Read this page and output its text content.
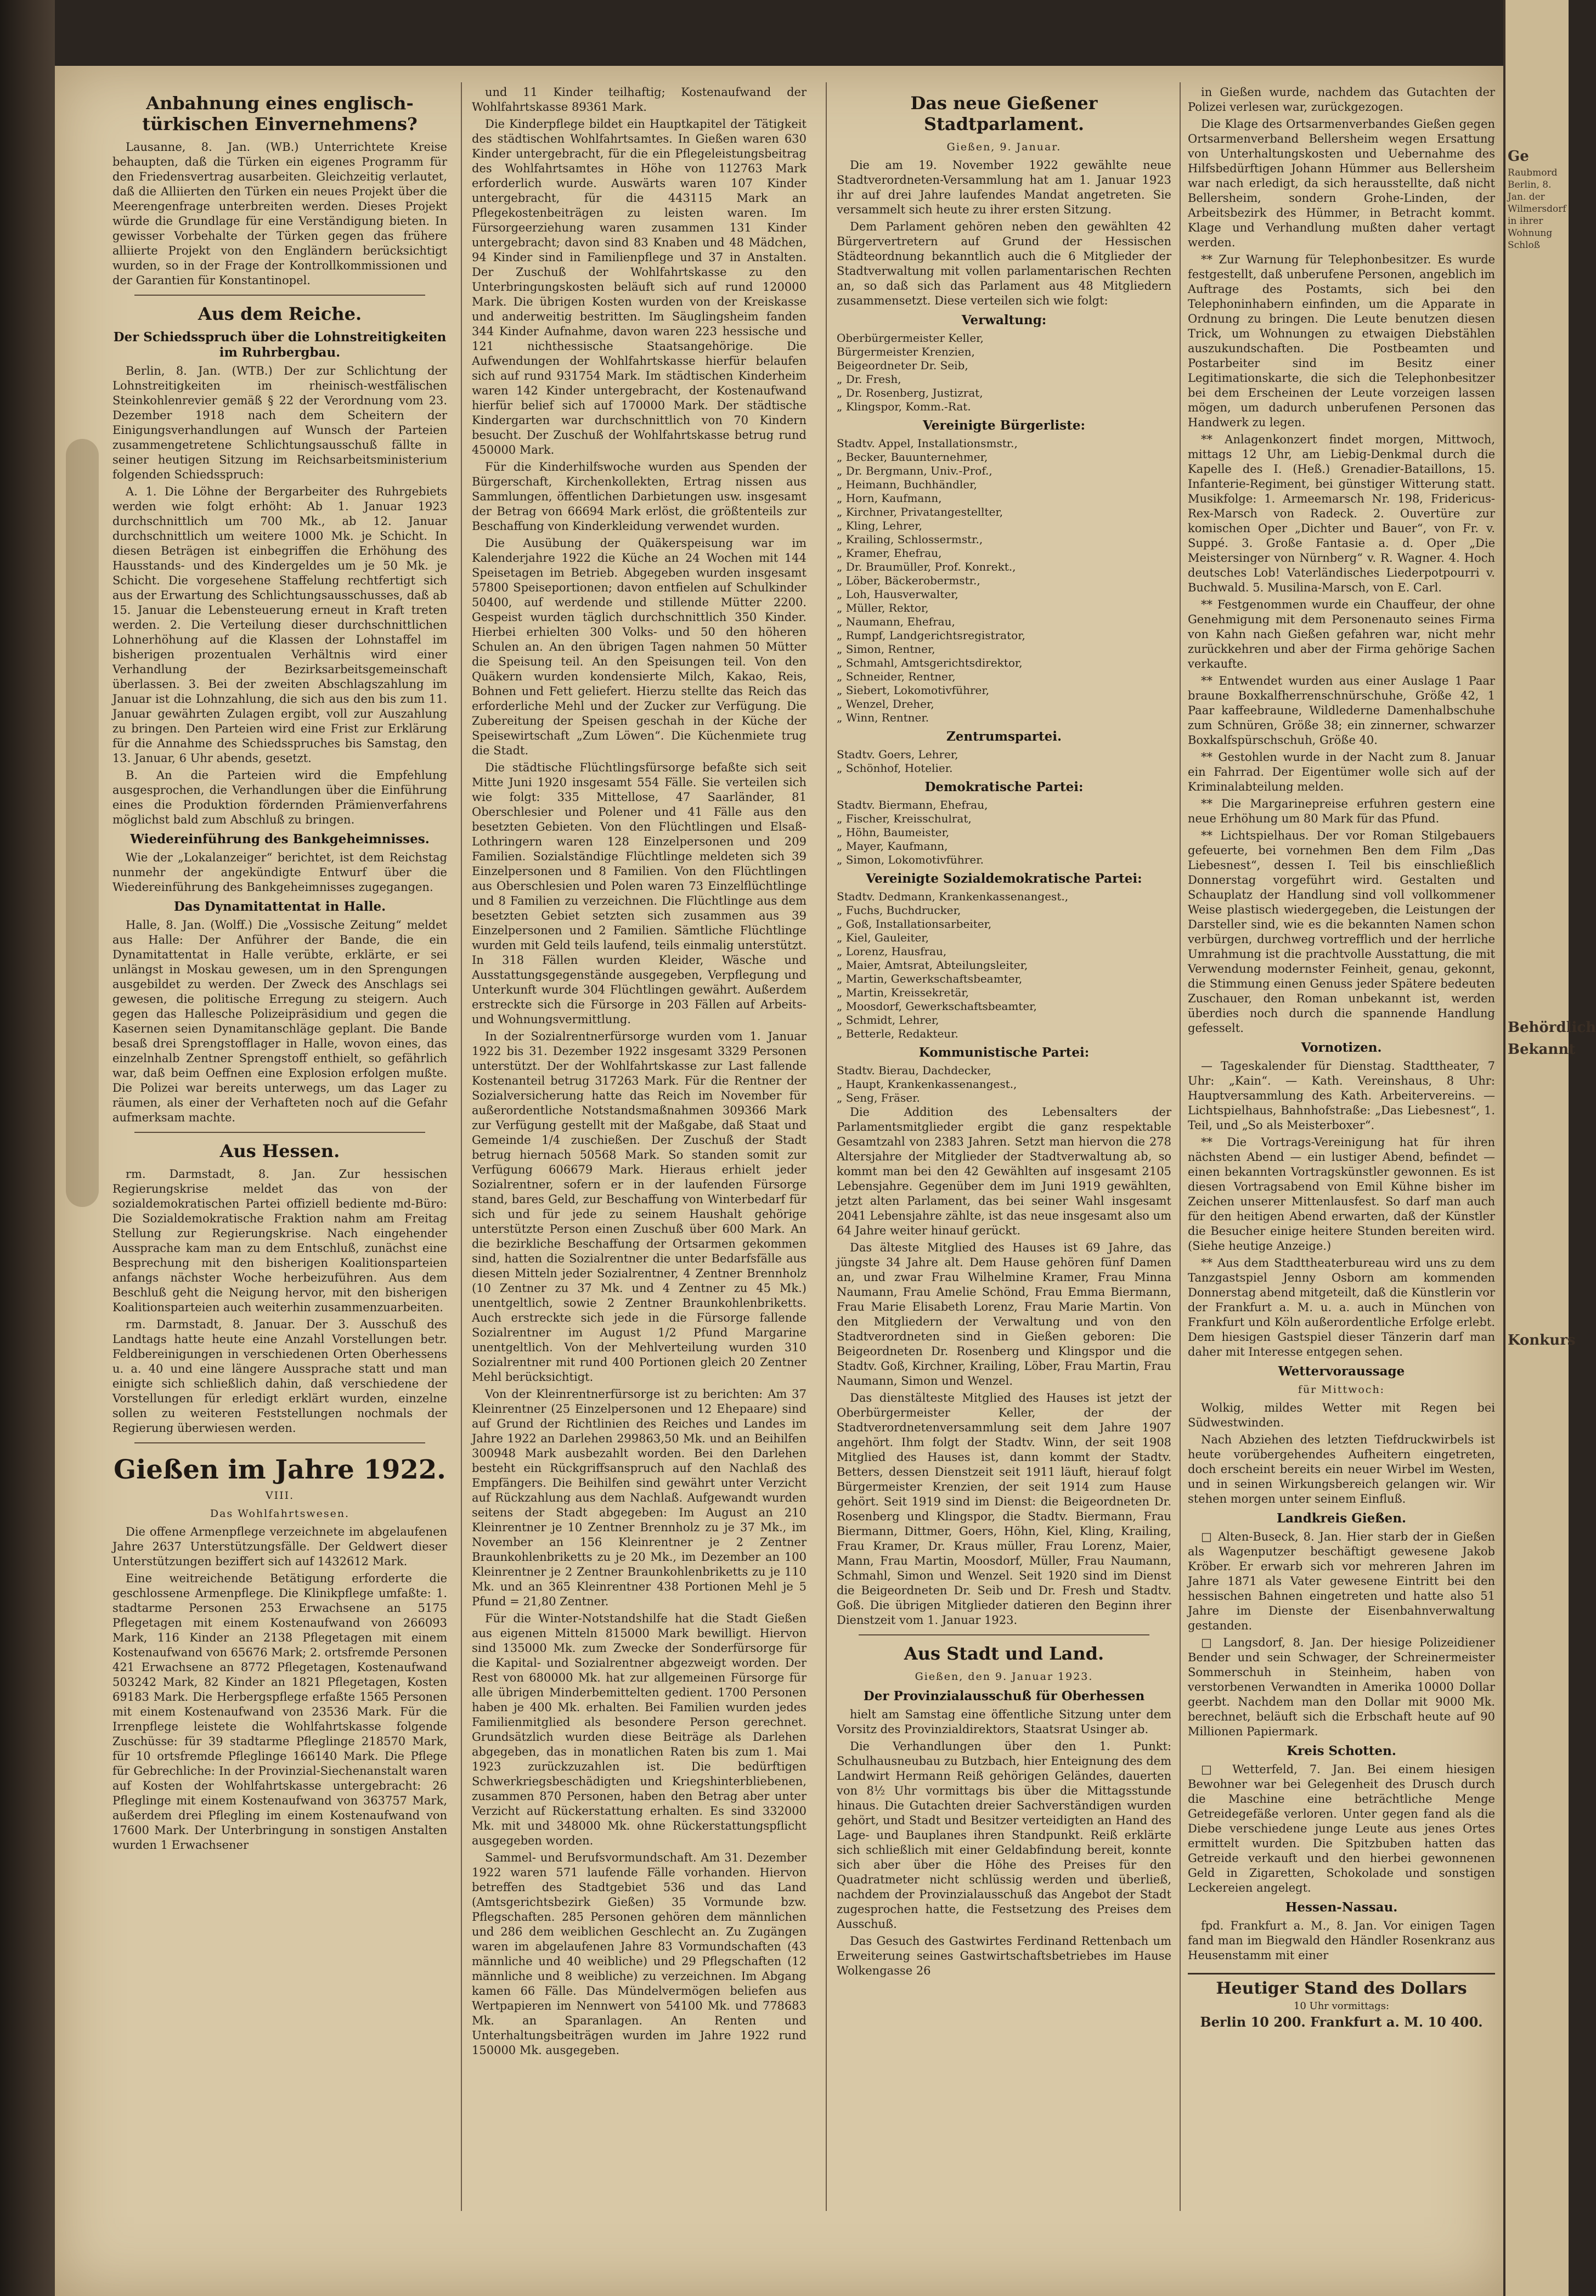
Anbahnung eines englisch-türkischen Einvernehmens?

Lausanne, 8. Jan. (WB.) Unterrichtete Kreise behaupten, daß die Türken ein eigenes Programm für den Friedensvertrag ausarbeiten. Gleichzeitig verlautet, daß die Alliierten den Türken ein neues Projekt über die Meerengenfrage unterbreiten werden. Dieses Projekt würde die Grundlage für eine Verständigung bieten. In gewisser Vorbehalte der Türken gegen das frühere alliierte Projekt von den Engländern berücksichtigt wurden, so in der Frage der Kontrollkommissionen und der Garantien für Konstantinopel.

Aus dem Reiche.
Der Schiedsspruch über die Lohnstreitigkeiten im Ruhrbergbau.

Berlin, 8. Jan. (WTB.) Der zur Schlichtung der Lohnstreitigkeiten im rheinisch-westfälischen Steinkohlenrevier gemäß § 22 der Verordnung vom 23. Dezember 1918 nach dem Scheitern der Einigungsverhandlungen auf Wunsch der Parteien zusammengetretene Schlichtungsausschuß fällte in seiner heutigen Sitzung im Reichsarbeitsministerium folgenden Schiedsspruch:

A. 1. Die Löhne der Bergarbeiter des Ruhrgebiets werden wie folgt erhöht: Ab 1. Januar 1923 durchschnittlich um 700 Mk., ab 12. Januar durchschnittlich um weitere 1000 Mk. je Schicht. In diesen Beträgen ist einbegriffen die Erhöhung des Hausstands- und des Kindergeldes um je 50 Mk. je Schicht. Die vorgesehene Staffelung rechtfertigt sich aus der Erwartung des Schlichtungsausschusses, daß ab 15. Januar die Lebensteuerung erneut in Kraft treten werden. 2. Die Verteilung dieser durchschnittlichen Lohnerhöhung auf die Klassen der Lohnstaffel im bisherigen prozentualen Verhältnis wird einer Verhandlung der Bezirksarbeitsgemeinschaft überlassen. 3. Bei der zweiten Abschlagszahlung im Januar ist die Lohnzahlung, die sich aus den bis zum 11. Januar gewährten Zulagen ergibt, voll zur Auszahlung zu bringen. Den Parteien wird eine Frist zur Erklärung für die Annahme des Schiedsspruches bis Samstag, den 13. Januar, 6 Uhr abends, gesetzt.

B. An die Parteien wird die Empfehlung ausgesprochen, die Verhandlungen über die Einführung eines die Produktion fördernden Prämienverfahrens möglichst bald zum Abschluß zu bringen.

Wiedereinführung des Bankgeheimnisses.

Wie der „Lokalanzeiger“ berichtet, ist dem Reichstag nunmehr der angekündigte Entwurf über die Wiedereinführung des Bankgeheimnisses zugegangen.

Das Dynamitattentat in Halle.

Halle, 8. Jan. (Wolff.) Die „Vossische Zeitung“ meldet aus Halle: Der Anführer der Bande, die ein Dynamitattentat in Halle verübte, erklärte, er sei unlängst in Moskau gewesen, um in den Sprengungen ausgebildet zu werden. Der Zweck des Anschlags sei gewesen, die politische Erregung zu steigern. Auch gegen das Hallesche Polizeipräsidium und gegen die Kasernen seien Dynamitanschläge geplant. Die Bande besaß drei Sprengstofflager in Halle, wovon eines, das einzelnhalb Zentner Sprengstoff enthielt, so gefährlich war, daß beim Oeffnen eine Explosion erfolgen mußte. Die Polizei war bereits unterwegs, um das Lager zu räumen, als einer der Verhafteten noch auf die Gefahr aufmerksam machte.

Aus Hessen.

rm. Darmstadt, 8. Jan. Zur hessischen Regierungskrise meldet das von der sozialdemokratischen Partei offiziell bediente md-Büro: Die Sozialdemokratische Fraktion nahm am Freitag Stellung zur Regierungskrise. Nach eingehender Aussprache kam man zu dem Entschluß, zunächst eine Besprechung mit den bisherigen Koalitionsparteien anfangs nächster Woche herbeizuführen. Aus dem Beschluß geht die Neigung hervor, mit den bisherigen Koalitionsparteien auch weiterhin zusammenzuarbeiten.

rm. Darmstadt, 8. Januar. Der 3. Ausschuß des Landtags hatte heute eine Anzahl Vorstellungen betr. Feldbereinigungen in verschiedenen Orten Oberhessens u. a. 40 und eine längere Aussprache statt und man einigte sich schließlich dahin, daß verschiedene der Vorstellungen für erledigt erklärt wurden, einzelne sollen zu weiteren Feststellungen nochmals der Regierung überwiesen werden.

Gießen im Jahre 1922.
VIII.
Das Wohlfahrtswesen.

Die offene Armenpflege verzeichnete im abgelaufenen Jahre 2637 Unterstützungsfälle. Der Geldwert dieser Unterstützungen beziffert sich auf 1432612 Mark.

Eine weitreichende Betätigung erforderte die geschlossene Armenpflege. Die Klinikpflege umfaßte: 1. stadtarme Personen 253 Erwachsene an 5175 Pflegetagen mit einem Kostenaufwand von 266093 Mark, 116 Kinder an 2138 Pflegetagen mit einem Kostenaufwand von 65676 Mark; 2. ortsfremde Personen 421 Erwachsene an 8772 Pflegetagen, Kostenaufwand 503242 Mark, 82 Kinder an 1821 Pflegetagen, Kosten 69183 Mark. Die Herbergspflege erfaßte 1565 Personen mit einem Kostenaufwand von 23536 Mark. Für die Irrenpflege leistete die Wohlfahrtskasse folgende Zuschüsse: für 39 stadtarme Pfleglinge 218570 Mark, für 10 ortsfremde Pfleglinge 166140 Mark. Die Pflege für Gebrechliche: In der Provinzial-Siechenanstalt waren auf Kosten der Wohlfahrtskasse untergebracht: 26 Pfleglinge mit einem Kostenaufwand von 363757 Mark, außerdem drei Pflegling im einem Kostenaufwand von 17600 Mark. Der Unterbringung in sonstigen Anstalten wurden 1 Erwachsener

und 11 Kinder teilhaftig; Kostenaufwand der Wohlfahrtskasse 89361 Mark.

Die Kinderpflege bildet ein Hauptkapitel der Tätigkeit des städtischen Wohlfahrtsamtes. In Gießen waren 630 Kinder untergebracht, für die ein Pflegeleistungsbeitrag des Wohlfahrtsamtes in Höhe von 112763 Mark erforderlich wurde. Auswärts waren 107 Kinder untergebracht, für die 443115 Mark an Pflegekostenbeiträgen zu leisten waren. Im Fürsorgeerziehung waren zusammen 131 Kinder untergebracht; davon sind 83 Knaben und 48 Mädchen, 94 Kinder sind in Familienpflege und 37 in Anstalten. Der Zuschuß der Wohlfahrtskasse zu den Unterbringungskosten beläuft sich auf rund 120000 Mark. Die übrigen Kosten wurden von der Kreiskasse und anderweitig bestritten. Im Säuglingsheim fanden 344 Kinder Aufnahme, davon waren 223 hessische und 121 nichthessische Staatsangehörige. Die Aufwendungen der Wohlfahrtskasse hierfür belaufen sich auf rund 931754 Mark. Im städtischen Kinderheim waren 142 Kinder untergebracht, der Kostenaufwand hierfür belief sich auf 170000 Mark. Der städtische Kindergarten war durchschnittlich von 70 Kindern besucht. Der Zuschuß der Wohlfahrtskasse betrug rund 450000 Mark.

Für die Kinderhilfswoche wurden aus Spenden der Bürgerschaft, Kirchenkollekten, Ertrag nissen aus Sammlungen, öffentlichen Darbietungen usw. insgesamt der Betrag von 66694 Mark erlöst, die größtenteils zur Beschaffung von Kinderkleidung verwendet wurden.

Die Ausübung der Quäkerspeisung war im Kalenderjahre 1922 die Küche an 24 Wochen mit 144 Speisetagen im Betrieb. Abgegeben wurden insgesamt 57800 Speiseportionen; davon entfielen auf Schulkinder 50400, auf werdende und stillende Mütter 2200. Gespeist wurden täglich durchschnittlich 350 Kinder. Hierbei erhielten 300 Volks- und 50 den höheren Schulen an. An den übrigen Tagen nahmen 50 Mütter die Speisung teil. An den Speisungen teil. Von den Quäkern wurden kondensierte Milch, Kakao, Reis, Bohnen und Fett geliefert. Hierzu stellte das Reich das erforderliche Mehl und der Zucker zur Verfügung. Die Zubereitung der Speisen geschah in der Küche der Speisewirtschaft „Zum Löwen“. Die Küchenmiete trug die Stadt.

Die städtische Flüchtlingsfürsorge befaßte sich seit Mitte Juni 1920 insgesamt 554 Fälle. Sie verteilen sich wie folgt: 335 Mittellose, 47 Saarländer, 81 Oberschlesier und Polener und 41 Fälle aus den besetzten Gebieten. Von den Flüchtlingen und Elsaß-Lothringern waren 128 Einzelpersonen und 209 Familien. Sozialständige Flüchtlinge meldeten sich 39 Einzelpersonen und 8 Familien. Von den Flüchtlingen aus Oberschlesien und Polen waren 73 Einzelflüchtlinge und 8 Familien zu verzeichnen. Die Flüchtlinge aus dem besetzten Gebiet setzten sich zusammen aus 39 Einzelpersonen und 2 Familien. Sämtliche Flüchtlinge wurden mit Geld teils laufend, teils einmalig unterstützt. In 318 Fällen wurden Kleider, Wäsche und Ausstattungsgegenstände ausgegeben, Verpflegung und Unterkunft wurde 304 Flüchtlingen gewährt. Außerdem erstreckte sich die Fürsorge in 203 Fällen auf Arbeits- und Wohnungsvermittlung.

In der Sozialrentnerfürsorge wurden vom 1. Januar 1922 bis 31. Dezember 1922 insgesamt 3329 Personen unterstützt. Der der Wohlfahrtskasse zur Last fallende Kostenanteil betrug 317263 Mark. Für die Rentner der Sozialversicherung hatte das Reich im November für außerordentliche Notstandsmaßnahmen 309366 Mark zur Verfügung gestellt mit der Maßgabe, daß Staat und Gemeinde 1/4 zuschießen. Der Zuschuß der Stadt betrug hiernach 50568 Mark. So standen somit zur Verfügung 606679 Mark. Hieraus erhielt jeder Sozialrentner, sofern er in der laufenden Fürsorge stand, bares Geld, zur Beschaffung von Winterbedarf für sich und für jede zu seinem Haushalt gehörige unterstützte Person einen Zuschuß über 600 Mark. An die bezirkliche Beschaffung der Ortsarmen gekommen sind, hatten die Sozialrentner die unter Bedarfsfälle aus diesen Mitteln jeder Sozialrentner, 4 Zentner Brennholz (10 Zentner zu 37 Mk. und 4 Zentner zu 45 Mk.) unentgeltlich, sowie 2 Zentner Braunkohlenbriketts. Auch erstreckte sich jede in die Fürsorge fallende Sozialrentner im August 1/2 Pfund Margarine unentgeltlich. Von der Mehlverteilung wurden 310 Sozialrentner mit rund 400 Portionen gleich 20 Zentner Mehl berücksichtigt.

Von der Kleinrentnerfürsorge ist zu berichten: Am 37 Kleinrentner (25 Einzelpersonen und 12 Ehepaare) sind auf Grund der Richtlinien des Reiches und Landes im Jahre 1922 an Darlehen 299863,50 Mk. und an Beihilfen 300948 Mark ausbezahlt worden. Bei den Darlehen besteht ein Rückgriffsanspruch auf den Nachlaß des Empfängers. Die Beihilfen sind gewährt unter Verzicht auf Rückzahlung aus dem Nachlaß. Aufgewandt wurden seitens der Stadt abgegeben: Im August an 210 Kleinrentner je 10 Zentner Brennholz zu je 37 Mk., im November an 156 Kleinrentner je 2 Zentner Braunkohlenbriketts zu je 20 Mk., im Dezember an 100 Kleinrentner je 2 Zentner Braunkohlenbriketts zu je 110 Mk. und an 365 Kleinrentner 438 Portionen Mehl je 5 Pfund = 21,80 Zentner.

Für die Winter-Notstandshilfe hat die Stadt Gießen aus eigenen Mitteln 815000 Mark bewilligt. Hiervon sind 135000 Mk. zum Zwecke der Sonderfürsorge für die Kapital- und Sozialrentner abgezweigt worden. Der Rest von 680000 Mk. hat zur allgemeinen Fürsorge für alle übrigen Minderbemittelten gedient. 1700 Personen haben je 400 Mk. erhalten. Bei Familien wurden jedes Familienmitglied als besondere Person gerechnet. Grundsätzlich wurden diese Beiträge als Darlehen abgegeben, das in monatlichen Raten bis zum 1. Mai 1923 zurückzuzahlen ist. Die bedürftigen Schwerkriegsbeschädigten und Kriegshinterbliebenen, zusammen 870 Personen, haben den Betrag aber unter Verzicht auf Rückerstattung erhalten. Es sind 332000 Mk. mit und 348000 Mk. ohne Rückerstattungspflicht ausgegeben worden.

Sammel- und Berufsvormundschaft. Am 31. Dezember 1922 waren 571 laufende Fälle vorhanden. Hiervon betreffen des Stadtgebiet 536 und das Land (Amtsgerichtsbezirk Gießen) 35 Vormunde bzw. Pflegschaften. 285 Personen gehören dem männlichen und 286 dem weiblichen Geschlecht an. Zu Zugängen waren im abgelaufenen Jahre 83 Vormundschaften (43 männliche und 40 weibliche) und 29 Pflegschaften (12 männliche und 8 weibliche) zu verzeichnen. Im Abgang kamen 66 Fälle. Das Mündelvermögen beliefen aus Wertpapieren im Nennwert von 54100 Mk. und 778683 Mk. an Sparanlagen. An Renten und Unterhaltungsbeiträgen wurden im Jahre 1922 rund 150000 Mk. ausgegeben.

Das neue Gießener Stadtparlament.
Gießen, 9. Januar.

Die am 19. November 1922 gewählte neue Stadtverordneten-Versammlung hat am 1. Januar 1923 ihr auf drei Jahre laufendes Mandat angetreten. Sie versammelt sich heute zu ihrer ersten Sitzung.

Dem Parlament gehören neben den gewählten 42 Bürgervertretern auf Grund der Hessischen Städteordnung bekanntlich auch die 6 Mitglieder der Stadtverwaltung mit vollen parlamentarischen Rechten an, so daß sich das Parlament aus 48 Mitgliedern zusammensetzt. Diese verteilen sich wie folgt:

Verwaltung:

Oberbürgermeister Keller,

Bürgermeister Krenzien,

Beigeordneter Dr. Seib,

„ Dr. Fresh,

„ Dr. Rosenberg, Justizrat,

„ Klingspor, Komm.-Rat.

Vereinigte Bürgerliste:

Stadtv. Appel, Installationsmstr.,

„ Becker, Bauunternehmer,

„ Dr. Bergmann, Univ.-Prof.,

„ Heimann, Buchhändler,

„ Horn, Kaufmann,

„ Kirchner, Privatangestellter,

„ Kling, Lehrer,

„ Krailing, Schlossermstr.,

„ Kramer, Ehefrau,

„ Dr. Braumüller, Prof. Konrekt.,

„ Löber, Bäckerobermstr.,

„ Loh, Hausverwalter,

„ Müller, Rektor,

„ Naumann, Ehefrau,

„ Rumpf, Landgerichtsregistrator,

„ Simon, Rentner,

„ Schmahl, Amtsgerichtsdirektor,

„ Schneider, Rentner,

„ Siebert, Lokomotivführer,

„ Wenzel, Dreher,

„ Winn, Rentner.

Zentrumspartei.

Stadtv. Goers, Lehrer,

„ Schönhof, Hotelier.

Demokratische Partei:

Stadtv. Biermann, Ehefrau,

„ Fischer, Kreisschulrat,

„ Höhn, Baumeister,

„ Mayer, Kaufmann,

„ Simon, Lokomotivführer.

Vereinigte Sozialdemokratische Partei:

Stadtv. Dedmann, Krankenkassenangest.,

„ Fuchs, Buchdrucker,

„ Goß, Installationsarbeiter,

„ Kiel, Gauleiter,

„ Lorenz, Hausfrau,

„ Maier, Amtsrat, Abteilungsleiter,

„ Martin, Gewerkschaftsbeamter,

„ Martin, Kreissekretär,

„ Moosdorf, Gewerkschaftsbeamter,

„ Schmidt, Lehrer,

„ Betterle, Redakteur.

Kommunistische Partei:

Stadtv. Bierau, Dachdecker,

„ Haupt, Krankenkassenangest.,

„ Seng, Fräser.

Die Addition des Lebensalters der Parlamentsmitglieder ergibt die ganz respektable Gesamtzahl von 2383 Jahren. Setzt man hiervon die 278 Altersjahre der Mitglieder der Stadtverwaltung ab, so kommt man bei den 42 Gewählten auf insgesamt 2105 Lebensjahre. Gegenüber dem im Juni 1919 gewählten, jetzt alten Parlament, das bei seiner Wahl insgesamt 2041 Lebensjahre zählte, ist das neue insgesamt also um 64 Jahre weiter hinauf gerückt.

Das älteste Mitglied des Hauses ist 69 Jahre, das jüngste 34 Jahre alt. Dem Hause gehören fünf Damen an, und zwar Frau Wilhelmine Kramer, Frau Minna Naumann, Frau Amelie Schönd, Frau Emma Biermann, Frau Marie Elisabeth Lorenz, Frau Marie Martin. Von den Mitgliedern der Verwaltung und von den Stadtverordneten sind in Gießen geboren: Die Beigeordneten Dr. Rosenberg und Klingspor und die Stadtv. Goß, Kirchner, Krailing, Löber, Frau Martin, Frau Naumann, Simon und Wenzel.

Das dienstälteste Mitglied des Hauses ist jetzt der Oberbürgermeister Keller, der der Stadtverordnetenversammlung seit dem Jahre 1907 angehört. Ihm folgt der Stadtv. Winn, der seit 1908 Mitglied des Hauses ist, dann kommt der Stadtv. Betters, dessen Dienstzeit seit 1911 läuft, hierauf folgt Bürgermeister Krenzien, der seit 1914 zum Hause gehört. Seit 1919 sind im Dienst: die Beigeordneten Dr. Rosenberg und Klingspor, die Stadtv. Biermann, Frau Biermann, Dittmer, Goers, Höhn, Kiel, Kling, Krailing, Frau Kramer, Dr. Kraus müller, Frau Lorenz, Maier, Mann, Frau Martin, Moosdorf, Müller, Frau Naumann, Schmahl, Simon und Wenzel. Seit 1920 sind im Dienst die Beigeordneten Dr. Seib und Dr. Fresh und Stadtv. Goß. Die übrigen Mitglieder datieren den Beginn ihrer Dienstzeit vom 1. Januar 1923.

Aus Stadt und Land.
Gießen, den 9. Januar 1923.
Der Provinzialausschuß für Oberhessen

hielt am Samstag eine öffentliche Sitzung unter dem Vorsitz des Provinzialdirektors, Staatsrat Usinger ab.

Die Verhandlungen über den 1. Punkt: Schulhausneubau zu Butzbach, hier Enteignung des dem Landwirt Hermann Reiß gehörigen Geländes, dauerten von 8½ Uhr vormittags bis über die Mittagsstunde hinaus. Die Gutachten dreier Sachverständigen wurden gehört, und Stadt und Besitzer verteidigten an Hand des Lage- und Bauplanes ihren Standpunkt. Reiß erklärte sich schließlich mit einer Geldabfindung bereit, konnte sich aber über die Höhe des Preises für den Quadratmeter nicht schlüssig werden und überließ, nachdem der Provinzialausschuß das Angebot der Stadt zugesprochen hatte, die Festsetzung des Preises dem Ausschuß.

Das Gesuch des Gastwirtes Ferdinand Rettenbach um Erweiterung seines Gastwirtschaftsbetriebes im Hause Wolkengasse 26

in Gießen wurde, nachdem das Gutachten der Polizei verlesen war, zurückgezogen.

Die Klage des Ortsarmenverbandes Gießen gegen Ortsarmenverband Bellersheim wegen Ersattung von Unterhaltungskosten und Uebernahme des Hilfsbedürftigen Johann Hümmer aus Bellersheim war nach erledigt, da sich herausstellte, daß nicht Bellersheim, sondern Grohe-Linden, der Arbeitsbezirk des Hümmer, in Betracht kommt. Klage und Verhandlung mußten daher vertagt werden.

** Zur Warnung für Telephonbesitzer. Es wurde festgestellt, daß unberufene Personen, angeblich im Auftrage des Postamts, sich bei den Telephoninhabern einfinden, um die Apparate in Ordnung zu bringen. Die Leute benutzen diesen Trick, um Wohnungen zu etwaigen Diebstählen auszukundschaften. Die Postbeamten und Postarbeiter sind im Besitz einer Legitimationskarte, die sich die Telephonbesitzer bei dem Erscheinen der Leute vorzeigen lassen mögen, um dadurch unberufenen Personen das Handwerk zu legen.

** Anlagenkonzert findet morgen, Mittwoch, mittags 12 Uhr, am Liebig-Denkmal durch die Kapelle des I. (Heß.) Grenadier-Bataillons, 15. Infanterie-Regiment, bei günstiger Witterung statt. Musikfolge: 1. Armeemarsch Nr. 198, Fridericus-Rex-Marsch von Radeck. 2. Ouvertüre zur komischen Oper „Dichter und Bauer“, von Fr. v. Suppé. 3. Große Fantasie a. d. Oper „Die Meistersinger von Nürnberg“ v. R. Wagner. 4. Hoch deutsches Lob! Vaterländisches Liederpotpourri v. Buchwald. 5. Musilina-Marsch, von E. Carl.

** Festgenommen wurde ein Chauffeur, der ohne Genehmigung mit dem Personenauto seines Firma von Kahn nach Gießen gefahren war, nicht mehr zurückkehren und aber der Firma gehörige Sachen verkaufte.

** Entwendet wurden aus einer Auslage 1 Paar braune Boxkalfherrenschnürschuhe, Größe 42, 1 Paar kaffeebraune, Wildlederne Damenhalbschuhe zum Schnüren, Größe 38; ein zinnerner, schwarzer Boxkalfspürschschuh, Größe 40.

** Gestohlen wurde in der Nacht zum 8. Januar ein Fahrrad. Der Eigentümer wolle sich auf der Kriminalabteilung melden.

** Die Margarinepreise erfuhren gestern eine neue Erhöhung um 80 Mark für das Pfund.

** Lichtspielhaus. Der vor Roman Stilgebauers gefeuerte, bei vornehmen Ben dem Film „Das Liebesnest“, dessen I. Teil bis einschließlich Donnerstag vorgeführt wird. Gestalten und Schauplatz der Handlung sind voll vollkommener Weise plastisch wiedergegeben, die Leistungen der Darsteller sind, wie es die bekannten Namen schon verbürgen, durchweg vortrefflich und der herrliche Umrahmung ist die prachtvolle Ausstattung, die mit Verwendung modernster Feinheit, genau, gekonnt, die Stimmung einen Genuss jeder Spätere bedeuten Zuschauer, den Roman unbekannt ist, werden überdies noch durch die spannende Handlung gefesselt.

Vornotizen.

— Tageskalender für Dienstag. Stadttheater, 7 Uhr: „Kain“. — Kath. Vereinshaus, 8 Uhr: Hauptversammlung des Kath. Arbeitervereins. — Lichtspielhaus, Bahnhofstraße: „Das Liebesnest“, 1. Teil, und „So als Meisterboxer“.

** Die Vortrags-Vereinigung hat für ihren nächsten Abend — ein lustiger Abend, befindet — einen bekannten Vortragskünstler gewonnen. Es ist diesen Vortragsabend von Emil Kühne bisher im Zeichen unserer Mittenlausfest. So darf man auch für den heitigen Abend erwarten, daß der Künstler die Besucher einige heitere Stunden bereiten wird. (Siehe heutige Anzeige.)

** Aus dem Stadttheaterbureau wird uns zu dem Tanzgastspiel Jenny Osborn am kommenden Donnerstag abend mitgeteilt, daß die Künstlerin vor der Frankfurt a. M. u. a. auch in München von Frankfurt und Köln außerordentliche Erfolge erlebt. Dem hiesigen Gastspiel dieser Tänzerin darf man daher mit Interesse entgegen sehen.

Wettervoraussage
für Mittwoch:

Wolkig, mildes Wetter mit Regen bei Südwestwinden.

Nach Abziehen des letzten Tiefdruckwirbels ist heute vorübergehendes Aufheitern eingetreten, doch erscheint bereits ein neuer Wirbel im Westen, und in seinen Wirkungsbereich gelangen wir. Wir stehen morgen unter seinem Einfluß.

Landkreis Gießen.

□ Alten-Buseck, 8. Jan. Hier starb der in Gießen als Wagenputzer beschäftigt gewesene Jakob Kröber. Er erwarb sich vor mehreren Jahren im Jahre 1871 als Vater gewesene Eintritt bei den hessischen Bahnen eingetreten und hatte also 51 Jahre im Dienste der Eisenbahnverwaltung gestanden.

□ Langsdorf, 8. Jan. Der hiesige Polizeidiener Bender und sein Schwager, der Schreinermeister Sommerschuh in Steinheim, haben von verstorbenen Verwandten in Amerika 10000 Dollar geerbt. Nachdem man den Dollar mit 9000 Mk. berechnet, beläuft sich die Erbschaft heute auf 90 Millionen Papiermark.

Kreis Schotten.

□ Wetterfeld, 7. Jan. Bei einem hiesigen Bewohner war bei Gelegenheit des Drusch durch die Maschine eine beträchtliche Menge Getreidegefäße verloren. Unter gegen fand als die Diebe verschiedene junge Leute aus jenes Ortes ermittelt wurden. Die Spitzbuben hatten das Getreide verkauft und den hierbei gewonnenen Geld in Zigaretten, Schokolade und sonstigen Leckereien angelegt.

Hessen-Nassau.

fpd. Frankfurt a. M., 8. Jan. Vor einigen Tagen fand man im Biegwald den Händler Rosenkranz aus Heusenstamm mit einer

Heutiger Stand des Dollars
10 Uhr vormittags:
Berlin 10 200. Frankfurt a. M. 10 400.
Ge
Raubmord Berlin, 8. Jan. der Wilmersdorf in ihrer Wohnung Schloß
Behördlich
Bekannt
Konkurs
